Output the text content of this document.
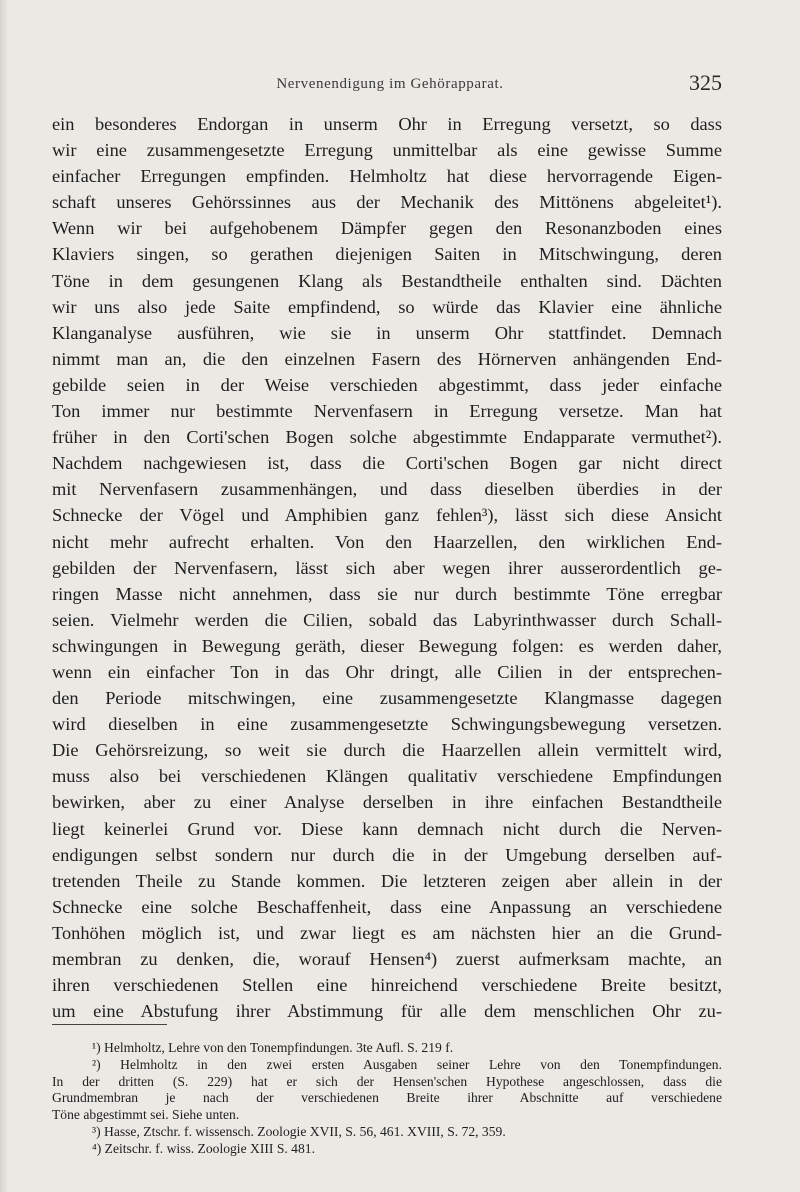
Nervenendigung im Gehörapparat.	325
ein besonderes Endorgan in unserm Ohr in Erregung versetzt, so dass
wir eine zusammengesetzte Erregung unmittelbar als eine gewisse Summe
einfacher Erregungen empfinden. Helmholtz hat diese hervorragende Eigen-
schaft unseres Gehörssinnes aus der Mechanik des Mittönens abgeleitet¹).
Wenn wir bei aufgehobenem Dämpfer gegen den Resonanzboden eines
Klaviers singen, so gerathen diejenigen Saiten in Mitschwingung, deren
Töne in dem gesungenen Klang als Bestandtheile enthalten sind. Dächten
wir uns also jede Saite empfindend, so würde das Klavier eine ähnliche
Klanganalyse ausführen, wie sie in unserm Ohr stattfindet. Demnach
nimmt man an, die den einzelnen Fasern des Hörnerven anhängenden End-
gebilde seien in der Weise verschieden abgestimmt, dass jeder einfache
Ton immer nur bestimmte Nervenfasern in Erregung versetze. Man hat
früher in den Corti'schen Bogen solche abgestimmte Endapparate vermuthet²).
Nachdem nachgewiesen ist, dass die Corti'schen Bogen gar nicht direct
mit Nervenfasern zusammenhängen, und dass dieselben überdies in der
Schnecke der Vögel und Amphibien ganz fehlen³), lässt sich diese Ansicht
nicht mehr aufrecht erhalten. Von den Haarzellen, den wirklichen End-
gebilden der Nervenfasern, lässt sich aber wegen ihrer ausserordentlich ge-
ringen Masse nicht annehmen, dass sie nur durch bestimmte Töne erregbar
seien. Vielmehr werden die Cilien, sobald das Labyrinthwasser durch Schall-
schwingungen in Bewegung geräth, dieser Bewegung folgen: es werden daher,
wenn ein einfacher Ton in das Ohr dringt, alle Cilien in der entsprechen-
den Periode mitschwingen, eine zusammengesetzte Klangmasse dagegen
wird dieselben in eine zusammengesetzte Schwingungsbewegung versetzen.
Die Gehörsreizung, so weit sie durch die Haarzellen allein vermittelt wird,
muss also bei verschiedenen Klängen qualitativ verschiedene Empfindungen
bewirken, aber zu einer Analyse derselben in ihre einfachen Bestandtheile
liegt keinerlei Grund vor. Diese kann demnach nicht durch die Nerven-
endigungen selbst sondern nur durch die in der Umgebung derselben auf-
tretenden Theile zu Stande kommen. Die letzteren zeigen aber allein in der
Schnecke eine solche Beschaffenheit, dass eine Anpassung an verschiedene
Tonhöhen möglich ist, und zwar liegt es am nächsten hier an die Grund-
membran zu denken, die, worauf Hensen⁴) zuerst aufmerksam machte, an
ihren verschiedenen Stellen eine hinreichend verschiedene Breite besitzt,
um eine Abstufung ihrer Abstimmung für alle dem menschlichen Ohr zu-
¹) Helmholtz, Lehre von den Tonempfindungen. 3te Aufl. S. 219 f.
²) Helmholtz in den zwei ersten Ausgaben seiner Lehre von den Tonempfindungen.
In der dritten (S. 229) hat er sich der Hensen'schen Hypothese angeschlossen, dass die
Grundmembran je nach der verschiedenen Breite ihrer Abschnitte auf verschiedene
Töne abgestimmt sei. Siehe unten.
³) Hasse, Ztschr. f. wissensch. Zoologie XVII, S. 56, 461. XVIII, S. 72, 359.
⁴) Zeitschr. f. wiss. Zoologie XIII S. 481.
